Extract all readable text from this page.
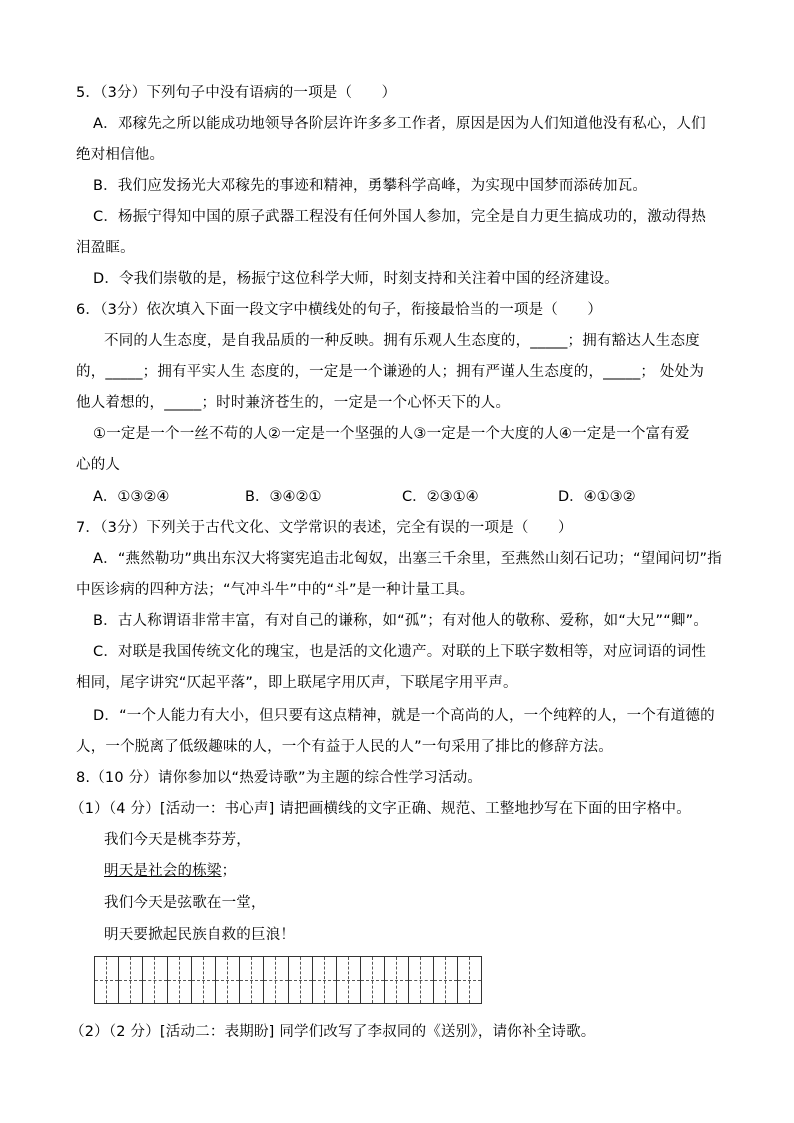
5．（3分）下列句子中没有语病的一项是（　　）
A．邓稼先之所以能成功地领导各阶层许许多多工作者，原因是因为人们知道他没有私心，人们
绝对相信他。
B．我们应发扬光大邓稼先的事迹和精神，勇攀科学高峰，为实现中国梦而添砖加瓦。
C．杨振宁得知中国的原子武器工程没有任何外国人参加，完全是自力更生搞成功的，激动得热
泪盈眶。
D．令我们崇敬的是，杨振宁这位科学大师，时刻支持和关注着中国的经济建设。
6．（3分）依次填入下面一段文字中横线处的句子，衔接最恰当的一项是（　　）
不同的人生态度，是自我品质的一种反映。拥有乐观人生态度的，_____；拥有豁达人生态度
的，_____；拥有平实人生 态度的，一定是一个谦逊的人；拥有严谨人生态度的，_____； 处处为
他人着想的，_____；时时兼济苍生的，一定是一个心怀天下的人。
①一定是一个一丝不苟的人②一定是一个坚强的人③一定是一个大度的人④一定是一个富有爱
心的人
A．①③②④	B．③④②①	C．②③①④	D．④①③②
7．（3分）下列关于古代文化、文学常识的表述，完全有误的一项是（　　）
A．“燕然勒功”典出东汉大将窦宪追击北匈奴，出塞三千余里，至燕然山刻石记功；“望闻问切”指
中医诊病的四种方法；“气冲斗牛”中的“斗”是一种计量工具。
B．古人称谓语非常丰富，有对自己的谦称，如“孤”；有对他人的敬称、爱称，如“大兄”“卿”。
C．对联是我国传统文化的瑰宝，也是活的文化遗产。对联的上下联字数相等，对应词语的词性
相同，尾字讲究“仄起平落”，即上联尾字用仄声，下联尾字用平声。
D．“一个人能力有大小，但只要有这点精神，就是一个高尚的人，一个纯粹的人，一个有道德的
人，一个脱离了低级趣味的人，一个有益于人民的人”一句采用了排比的修辞方法。
8.（10 分）请你参加以“热爱诗歌”为主题的综合性学习活动。
（1）（4 分）[活动一：书心声] 请把画横线的文字正确、规范、工整地抄写在下面的田字格中。
我们今天是桃李芬芳，
明天是社会的栋梁；
我们今天是弦歌在一堂，
明天要掀起民族自救的巨浪！
（2）（2 分）[活动二：表期盼] 同学们改写了李叔同的《送别》，请你补全诗歌。
